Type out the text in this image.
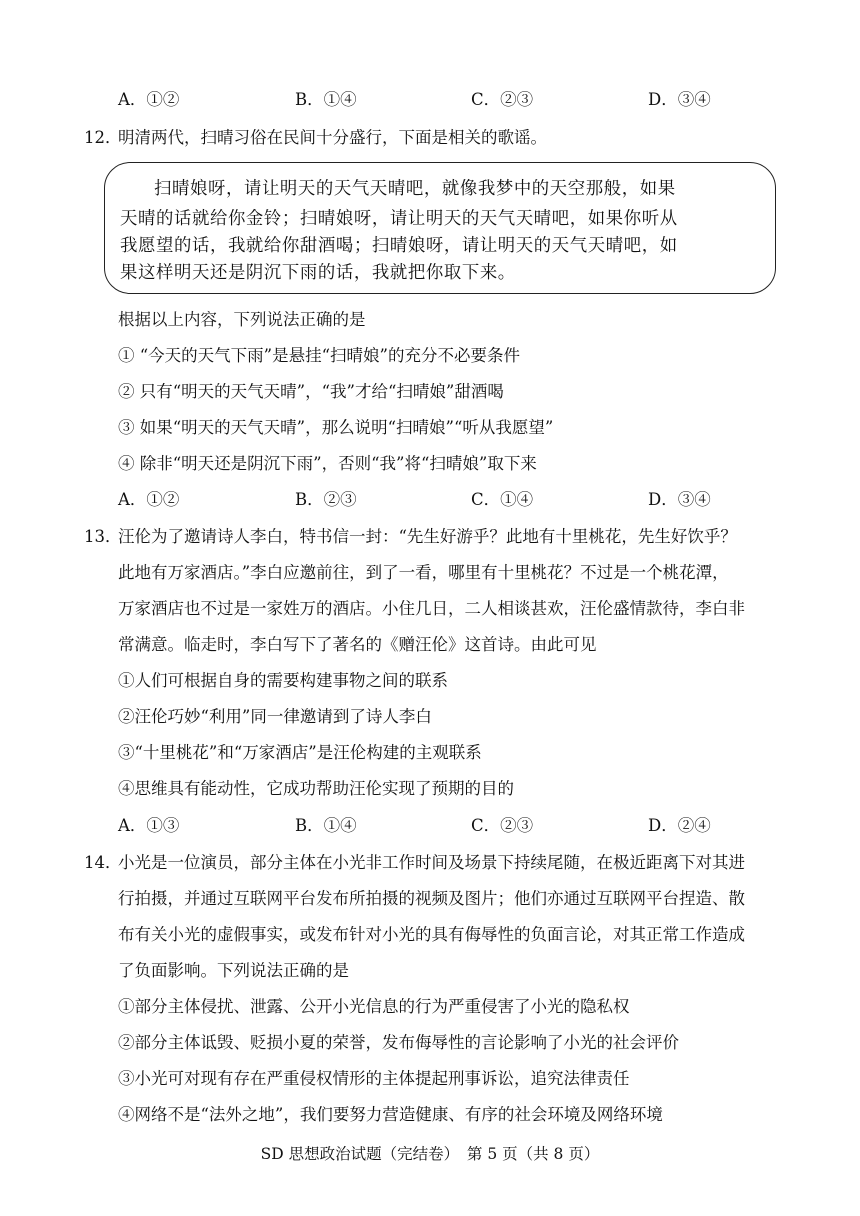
A．①②	B．①④	C．②③	D．③④
12．
明清两代，扫晴习俗在民间十分盛行，下面是相关的歌谣。
扫晴娘呀，请让明天的天气天晴吧，就像我梦中的天空那般，如果
天晴的话就给你金铃；扫晴娘呀，请让明天的天气天晴吧，如果你听从
我愿望的话，我就给你甜酒喝；扫晴娘呀，请让明天的天气天晴吧，如
果这样明天还是阴沉下雨的话，我就把你取下来。
根据以上内容，下列说法正确的是
① “今天的天气下雨”是悬挂“扫晴娘”的充分不必要条件
② 只有“明天的天气天晴”，“我”才给“扫晴娘”甜酒喝
③ 如果“明天的天气天晴”，那么说明“扫晴娘”“听从我愿望”
④ 除非“明天还是阴沉下雨”，否则“我”将“扫晴娘”取下来
A．①②	B．②③	C．①④	D．③④
13．
汪伦为了邀请诗人李白，特书信一封：“先生好游乎？此地有十里桃花，先生好饮乎？
此地有万家酒店。”李白应邀前往，到了一看，哪里有十里桃花？不过是一个桃花潭，
万家酒店也不过是一家姓万的酒店。小住几日，二人相谈甚欢，汪伦盛情款待，李白非
常满意。临走时，李白写下了著名的《赠汪伦》这首诗。由此可见
①人们可根据自身的需要构建事物之间的联系
②汪伦巧妙“利用”同一律邀请到了诗人李白
③“十里桃花”和“万家酒店”是汪伦构建的主观联系
④思维具有能动性，它成功帮助汪伦实现了预期的目的
A．①③	B．①④	C．②③	D．②④
14．
小光是一位演员，部分主体在小光非工作时间及场景下持续尾随，在极近距离下对其进
行拍摄，并通过互联网平台发布所拍摄的视频及图片；他们亦通过互联网平台捏造、散
布有关小光的虚假事实，或发布针对小光的具有侮辱性的负面言论，对其正常工作造成
了负面影响。下列说法正确的是
①部分主体侵扰、泄露、公开小光信息的行为严重侵害了小光的隐私权
②部分主体诋毁、贬损小夏的荣誉，发布侮辱性的言论影响了小光的社会评价
③小光可对现有存在严重侵权情形的主体提起刑事诉讼，追究法律责任
④网络不是“法外之地”，我们要努力营造健康、有序的社会环境及网络环境
SD 思想政治试题（完结卷）　第 5 页（共 8 页）
